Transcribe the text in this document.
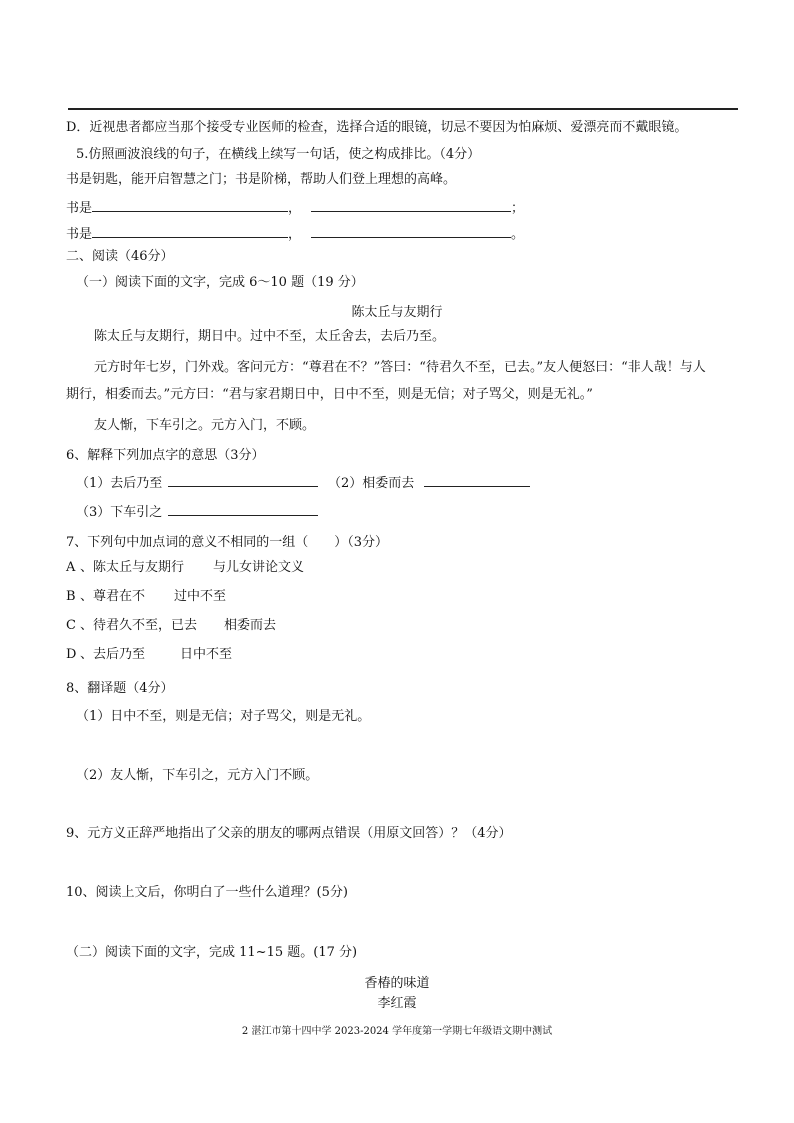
D．近视患者都应当那个接受专业医师的检查，选择合适的眼镜，切忌不要因为怕麻烦、爱漂亮而不戴眼镜。
5.仿照画波浪线的句子，在横线上续写一句话，使之构成排比。（4分）
书是钥匙，能开启智慧之门；书是阶梯，帮助人们登上理想的高峰。
书是	，	；
书是	，	。
二、阅读（46分）
（一）阅读下面的文字，完成 6～10 题（19 分）
陈太丘与友期行
陈太丘与友期行，期日中。过中不至，太丘舍去，去后乃至。
元方时年七岁，门外戏。客问元方：“尊君在不？”答曰：“待君久不至，已去。”友人便怒曰：“非人哉！与人
期行，相委而去。”元方曰：“君与家君期日中，日中不至，则是无信；对子骂父，则是无礼。”
友人惭，下车引之。元方入门，不顾。
6、解释下列加点字的意思（3分）
（1）去后乃至	（2）相委而去
（3）下车引之
7、下列句中加点词的意义不相同的一组（　　）（3分）
A 、陈太丘与友期行 与儿女讲论文义
B 、尊君在不 过中不至
C 、待君久不至，已去 相委而去
D 、去后乃至	日中不至
8、翻译题（4分）
（1）日中不至，则是无信；对子骂父，则是无礼。
（2）友人惭，下车引之，元方入门不顾。
9、元方义正辞严地指出了父亲的朋友的哪两点错误（用原文回答）？（4分）
10、阅读上文后，你明白了一些什么道理？(5分)
（二）阅读下面的文字，完成 11~15 题。(17 分)
香椿的味道
李红霞
2 湛江市第十四中学 2023-2024 学年度第一学期七年级语文期中测试
